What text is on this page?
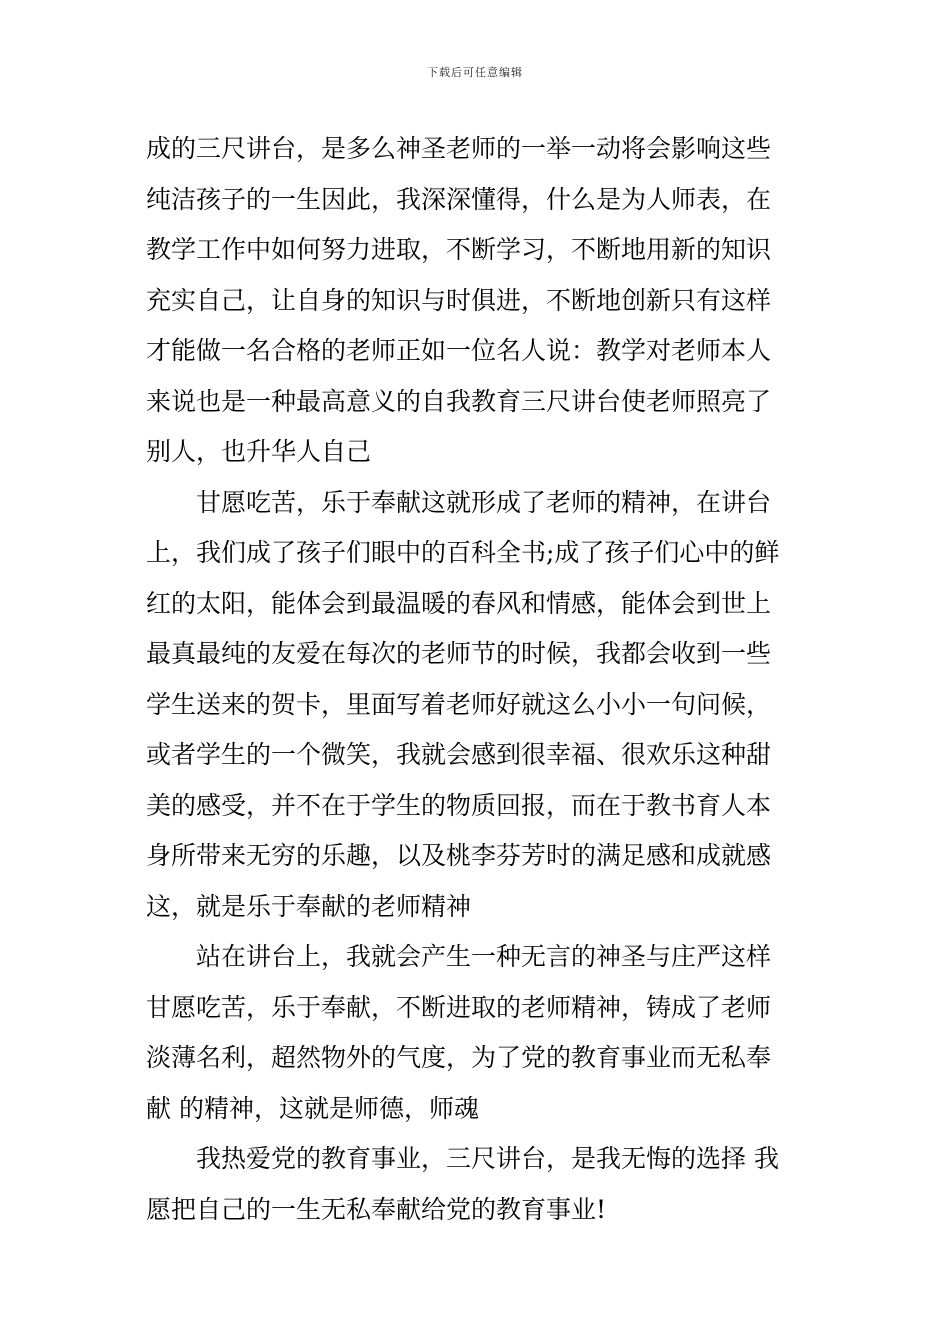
下载后可任意编辑
成的三尺讲台，是多么神圣老师的一举一动将会影响这些
纯洁孩子的一生因此，我深深懂得，什么是为人师表，在
教学工作中如何努力进取，不断学习，不断地用新的知识
充实自己，让自身的知识与时俱进，不断地创新只有这样
才能做一名合格的老师正如一位名人说：教学对老师本人
来说也是一种最高意义的自我教育三尺讲台使老师照亮了
别人，也升华人自己
甘愿吃苦，乐于奉献这就形成了老师的精神，在讲台
上，我们成了孩子们眼中的百科全书;成了孩子们心中的鲜
红的太阳，能体会到最温暖的春风和情感，能体会到世上
最真最纯的友爱在每次的老师节的时候，我都会收到一些
学生送来的贺卡，里面写着老师好就这么小小一句问候，
或者学生的一个微笑，我就会感到很幸福、很欢乐这种甜
美的感受，并不在于学生的物质回报，而在于教书育人本
身所带来无穷的乐趣，以及桃李芬芳时的满足感和成就感
这，就是乐于奉献的老师精神
站在讲台上，我就会产生一种无言的神圣与庄严这样
甘愿吃苦，乐于奉献，不断进取的老师精神，铸成了老师
淡薄名利，超然物外的气度，为了党的教育事业而无私奉
献 的精神，这就是师德，师魂
我热爱党的教育事业，三尺讲台，是我无悔的选择 我
愿把自己的一生无私奉献给党的教育事业!
